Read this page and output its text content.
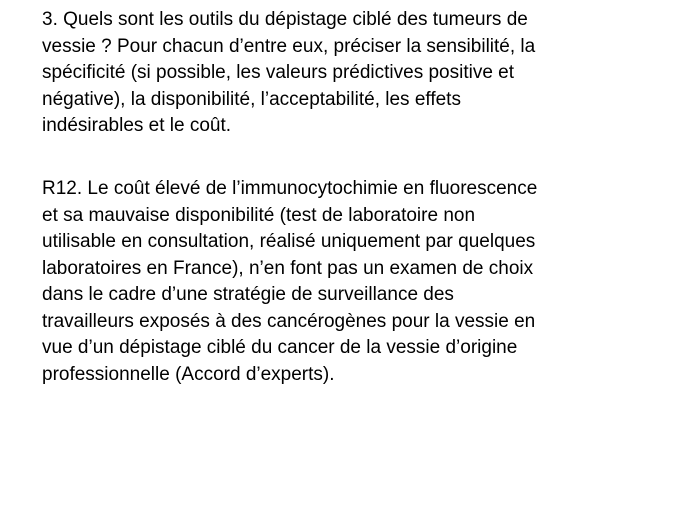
3. Quels sont les outils du dépistage ciblé des tumeurs de
vessie ? Pour chacun d’entre eux, préciser la sensibilité, la
spécificité (si possible, les valeurs prédictives positive et
négative), la disponibilité, l’acceptabilité, les effets
indésirables et le coût.

R12. Le coût élevé de l’immunocytochimie en fluorescence
et sa mauvaise disponibilité (test de laboratoire non
utilisable en consultation, réalisé uniquement par quelques
laboratoires en France), n’en font pas un examen de choix
dans le cadre d’une stratégie de surveillance des
travailleurs exposés à des cancérogènes pour la vessie en
vue d’un dépistage ciblé du cancer de la vessie d’origine
professionnelle (Accord d’experts).
